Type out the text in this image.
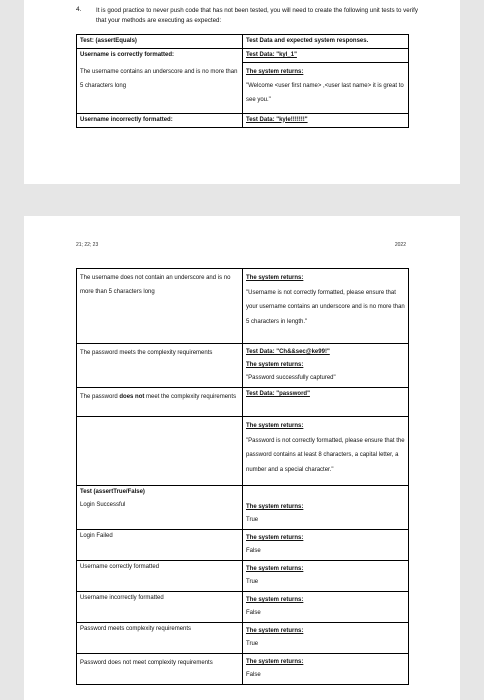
4. It is good practice to never push code that has not been tested, you will need to create the following unit tests to verify that your methods are executing as expected:
Test: (assertEquals)	Test Data and expected system responses.
Username is correctly formatted:	Test Data: "kyl_1"
The username contains an underscore and is no more than 5 characters long	The system returns:
"Welcome <user first name> ,<user last name> it is great to see you."

Username incorrectly formatted:	Test Data: "kyle!!!!!!!"
21; 22; 23	2022
The username does not contain an underscore and is no more than 5 characters long	The system returns:
"Username is not correctly formatted, please ensure that your username contains an underscore and is no more than 5 characters in length."

The password meets the complexity requirements	Test Data: "Ch&&sec@ke99!"
The system returns:
"Password successfully captured"

The password does not meet the complexity requirements	Test Data: "password"

	The system returns:
"Password is not correctly formatted, please ensure that the password contains at least 8 characters, a capital letter, a number and a special character."

Test (assertTrue/False)	
Login Successful	The system returns:
True

Login Failed	The system returns:
False

Username correctly formatted	The system returns:
True

Username incorrectly formatted	The system returns:
False

Password meets complexity requirements	The system returns:
True

Password does not meet complexity requirements	The system returns:
False
